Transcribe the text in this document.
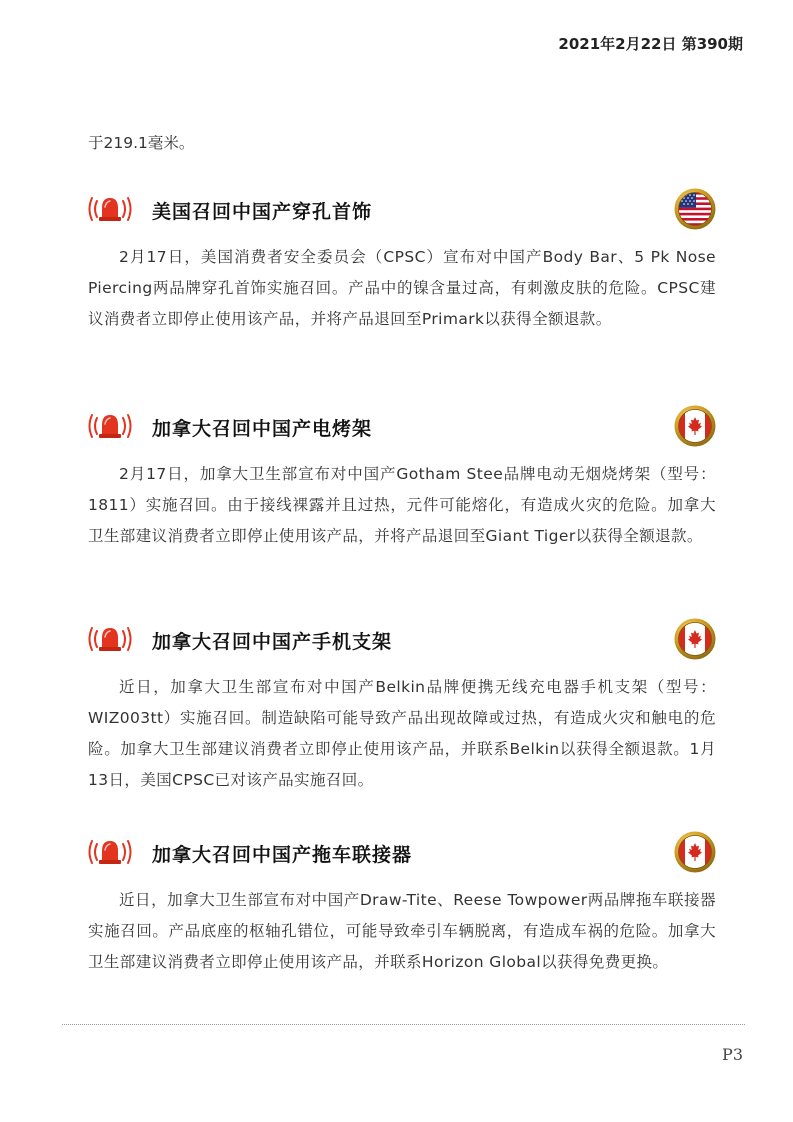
2021年2月22日 第390期
于219.1毫米。
美国召回中国产穿孔首饰
2月17日，美国消费者安全委员会（CPSC）宣布对中国产Body Bar、5 Pk Nose Piercing两品牌穿孔首饰实施召回。产品中的镍含量过高，有刺激皮肤的危险。CPSC建议消费者立即停止使用该产品，并将产品退回至Primark以获得全额退款。
加拿大召回中国产电烤架
2月17日，加拿大卫生部宣布对中国产Gotham Stee品牌电动无烟烧烤架（型号：1811）实施召回。由于接线裸露并且过热，元件可能熔化，有造成火灾的危险。加拿大卫生部建议消费者立即停止使用该产品，并将产品退回至Giant Tiger以获得全额退款。
加拿大召回中国产手机支架
近日，加拿大卫生部宣布对中国产Belkin品牌便携无线充电器手机支架（型号：WIZ003tt）实施召回。制造缺陷可能导致产品出现故障或过热，有造成火灾和触电的危险。加拿大卫生部建议消费者立即停止使用该产品，并联系Belkin以获得全额退款。1月13日，美国CPSC已对该产品实施召回。
加拿大召回中国产拖车联接器
近日，加拿大卫生部宣布对中国产Draw-Tite、Reese Towpower两品牌拖车联接器实施召回。产品底座的枢轴孔错位，可能导致牵引车辆脱离，有造成车祸的危险。加拿大卫生部建议消费者立即停止使用该产品，并联系Horizon Global以获得免费更换。
P3
